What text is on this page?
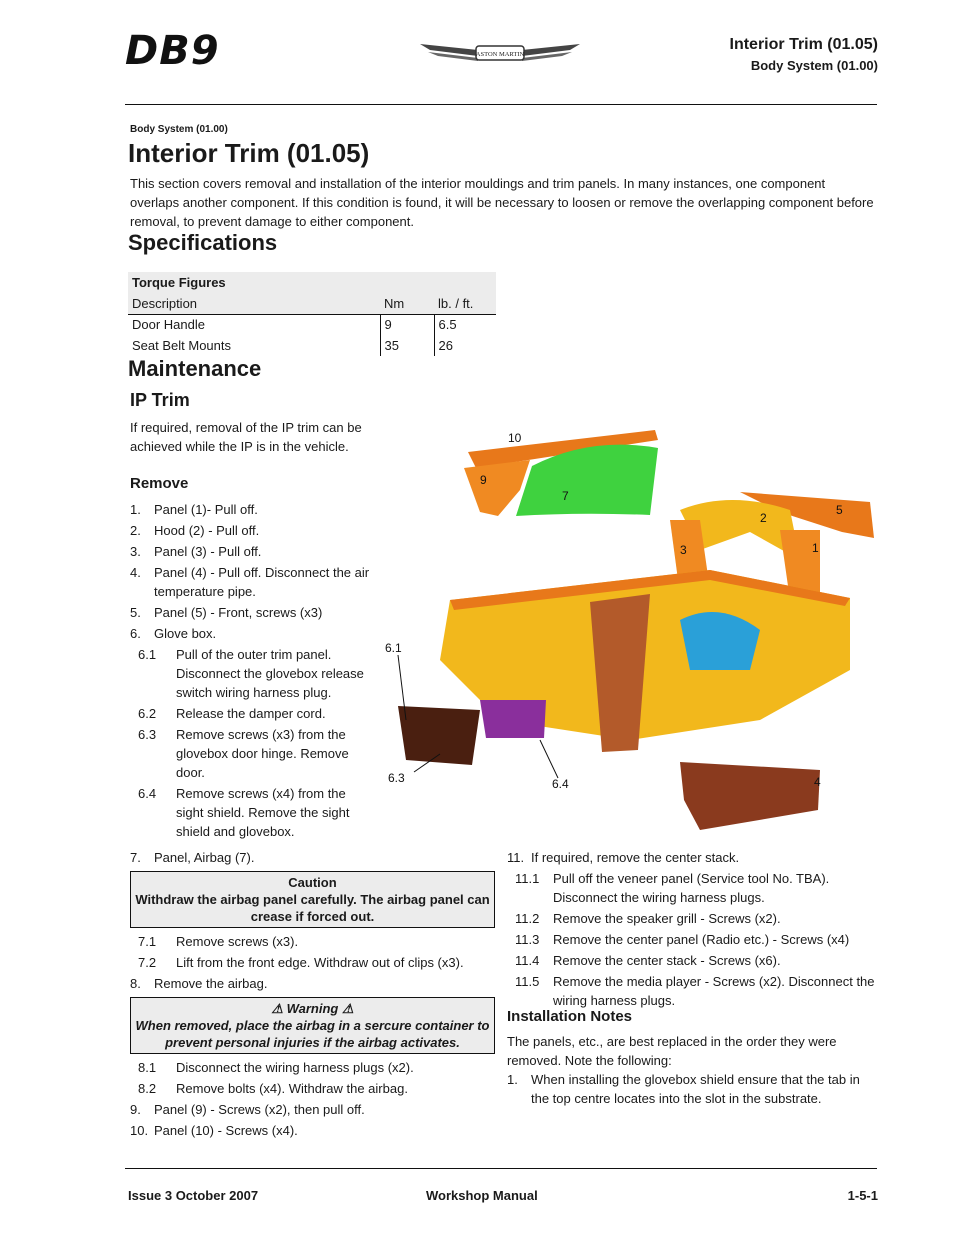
DB9	ASTON MARTIN
Interior Trim (01.05)
Body System (01.00)
Body System (01.00)
Interior Trim (01.05)
This section covers removal and installation of the interior mouldings and trim panels. In many instances, one component overlaps another component. If this condition is found, it will be necessary to loosen or remove the overlapping component before removal, to prevent damage to either component.
Specifications
Torque Figures		
Description	Nm	lb. / ft.
Door Handle	9	6.5
Seat Belt Mounts	35	26
Maintenance
IP Trim
If required, removal of the IP trim can be achieved while the IP is in the vehicle.
Remove
1. Panel (1)- Pull off.
2. Hood (2) - Pull off.
3. Panel (3) - Pull off.
4. Panel (4) - Pull off. Disconnect the air temperature pipe.
5. Panel (5) - Front, screws (x3)
6. Glove box.
6.1 Pull of the outer trim panel. Disconnect the glovebox release switch wiring harness plug.
6.2 Release the damper cord.
6.3 Remove screws (x3) from the glovebox door hinge. Remove door.
6.4 Remove screws (x4) from the sight shield. Remove the sight shield and glovebox.
7. Panel, Airbag (7).
Caution
Withdraw the airbag panel carefully. The airbag panel can crease if forced out.
7.1 Remove screws (x3).
7.2 Lift from the front edge. Withdraw out of clips (x3).
8. Remove the airbag.
⚠ Warning ⚠
When removed, place the airbag in a sercure container to prevent personal injuries if the airbag activates.
8.1 Disconnect the wiring harness plugs (x2).
8.2 Remove bolts (x4). Withdraw the airbag.
9. Panel (9) - Screws (x2), then pull off.
10. Panel (10) - Screws (x4).
11. If required, remove the center stack.
11.1 Pull off the veneer panel (Service tool No. TBA). Disconnect the wiring harness plugs.
11.2 Remove the speaker grill - Screws (x2).
11.3 Remove the center panel (Radio etc.) - Screws (x4)
11.4 Remove the center stack - Screws (x6).
11.5 Remove the media player - Screws (x2). Disconnect the wiring harness plugs.
Installation Notes
The panels, etc., are best replaced in the order they were removed. Note the following:
1. When installing the glovebox shield ensure that the tab in the top centre locates into the slot in the substrate.
10
9
7
2
5
3	1
6.1
6.3	6.4	4
Issue 3 October 2007	Workshop Manual	1-5-1
